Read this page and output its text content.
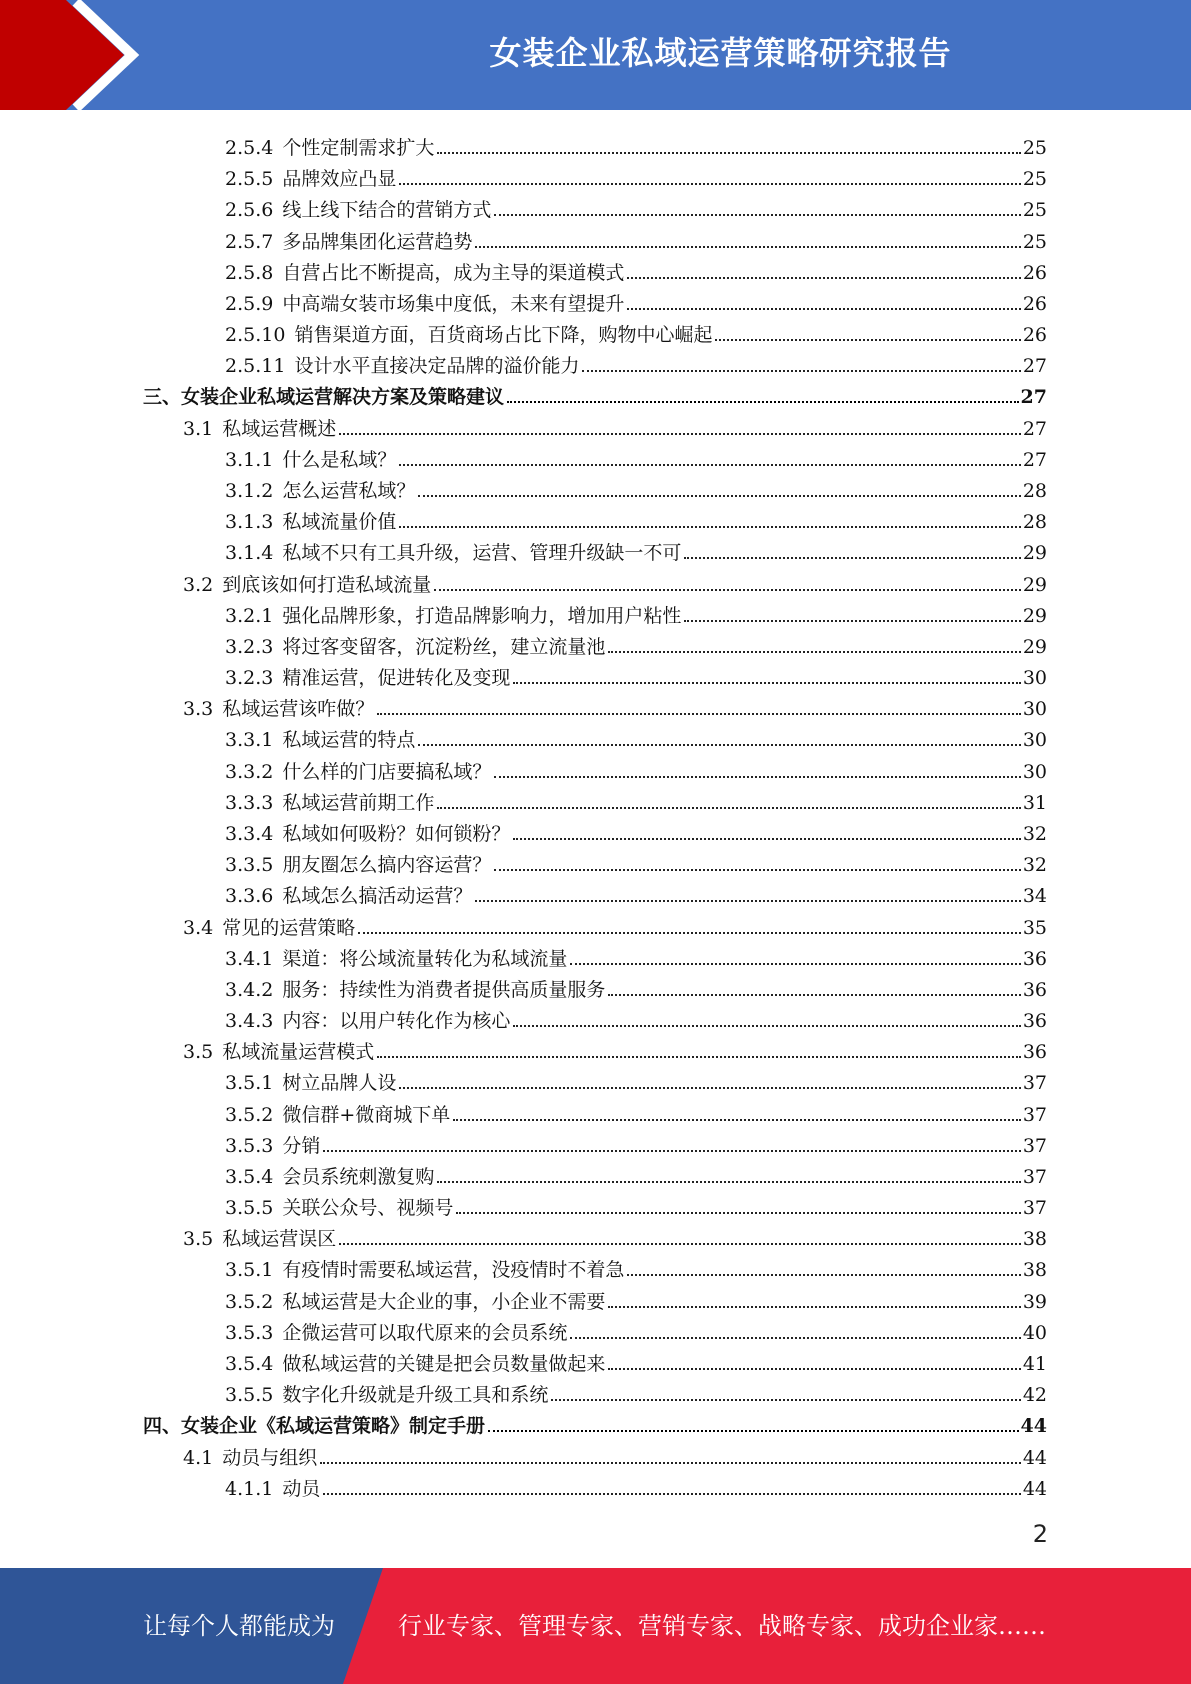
女装企业私域运营策略研究报告
2.5.4 个性定制需求扩大	25
2.5.5 品牌效应凸显	25
2.5.6 线上线下结合的营销方式	25
2.5.7 多品牌集团化运营趋势	25
2.5.8 自营占比不断提高，成为主导的渠道模式	26
2.5.9 中高端女装市场集中度低，未来有望提升	26
2.5.10 销售渠道方面，百货商场占比下降，购物中心崛起	26
2.5.11 设计水平直接决定品牌的溢价能力	27
三、女装企业私域运营解决方案及策略建议	27
3.1 私域运营概述	27
3.1.1 什么是私域？	27
3.1.2 怎么运营私域？	28
3.1.3 私域流量价值	28
3.1.4 私域不只有工具升级，运营、管理升级缺一不可	29
3.2 到底该如何打造私域流量	29
3.2.1 强化品牌形象，打造品牌影响力，增加用户粘性	29
3.2.3 将过客变留客，沉淀粉丝，建立流量池	29
3.2.3 精准运营，促进转化及变现	30
3.3 私域运营该咋做？	30
3.3.1 私域运营的特点	30
3.3.2 什么样的门店要搞私域？	30
3.3.3 私域运营前期工作	31
3.3.4 私域如何吸粉？如何锁粉？	32
3.3.5 朋友圈怎么搞内容运营？	32
3.3.6 私域怎么搞活动运营？	34
3.4 常见的运营策略	35
3.4.1 渠道：将公域流量转化为私域流量	36
3.4.2 服务：持续性为消费者提供高质量服务	36
3.4.3 内容：以用户转化作为核心	36
3.5 私域流量运营模式	36
3.5.1 树立品牌人设	37
3.5.2 微信群+微商城下单	37
3.5.3 分销	37
3.5.4 会员系统刺激复购	37
3.5.5 关联公众号、视频号	37
3.5 私域运营误区	38
3.5.1 有疫情时需要私域运营，没疫情时不着急	38
3.5.2 私域运营是大企业的事，小企业不需要	39
3.5.3 企微运营可以取代原来的会员系统	40
3.5.4 做私域运营的关键是把会员数量做起来	41
3.5.5 数字化升级就是升级工具和系统	42
四、女装企业《私域运营策略》制定手册	44
4.1 动员与组织	44
4.1.1 动员	44
2
让每个人都能成为	行业专家、管理专家、营销专家、战略专家、成功企业家……
